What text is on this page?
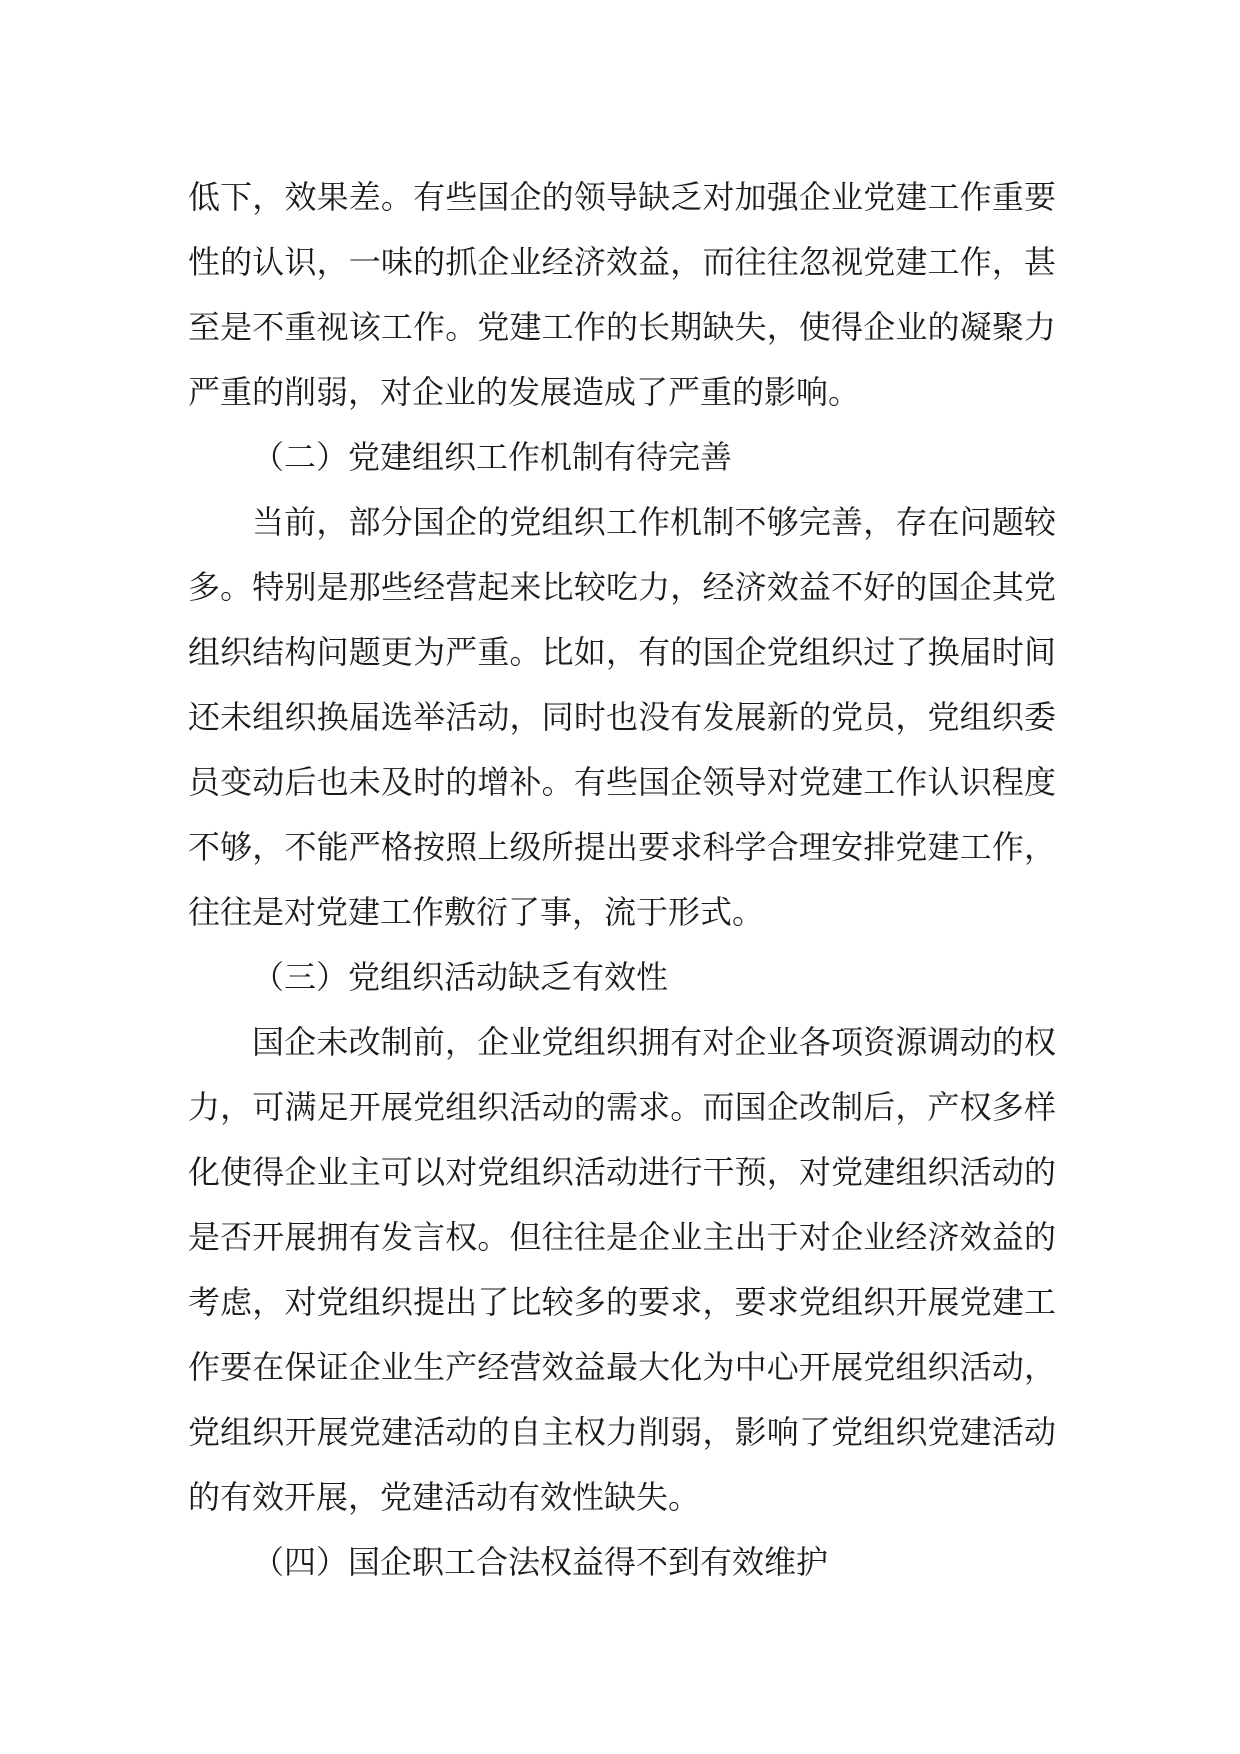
低下，效果差。有些国企的领导缺乏对加强企业党建工作重要
性的认识，一味的抓企业经济效益，而往往忽视党建工作，甚
至是不重视该工作。党建工作的长期缺失，使得企业的凝聚力
严重的削弱，对企业的发展造成了严重的影响。
（二）党建组织工作机制有待完善
当前，部分国企的党组织工作机制不够完善，存在问题较
多。特别是那些经营起来比较吃力，经济效益不好的国企其党
组织结构问题更为严重。比如，有的国企党组织过了换届时间
还未组织换届选举活动，同时也没有发展新的党员，党组织委
员变动后也未及时的增补。有些国企领导对党建工作认识程度
不够，不能严格按照上级所提出要求科学合理安排党建工作，
往往是对党建工作敷衍了事，流于形式。
（三）党组织活动缺乏有效性
国企未改制前，企业党组织拥有对企业各项资源调动的权
力，可满足开展党组织活动的需求。而国企改制后，产权多样
化使得企业主可以对党组织活动进行干预，对党建组织活动的
是否开展拥有发言权。但往往是企业主出于对企业经济效益的
考虑，对党组织提出了比较多的要求，要求党组织开展党建工
作要在保证企业生产经营效益最大化为中心开展党组织活动，
党组织开展党建活动的自主权力削弱，影响了党组织党建活动
的有效开展，党建活动有效性缺失。
（四）国企职工合法权益得不到有效维护
